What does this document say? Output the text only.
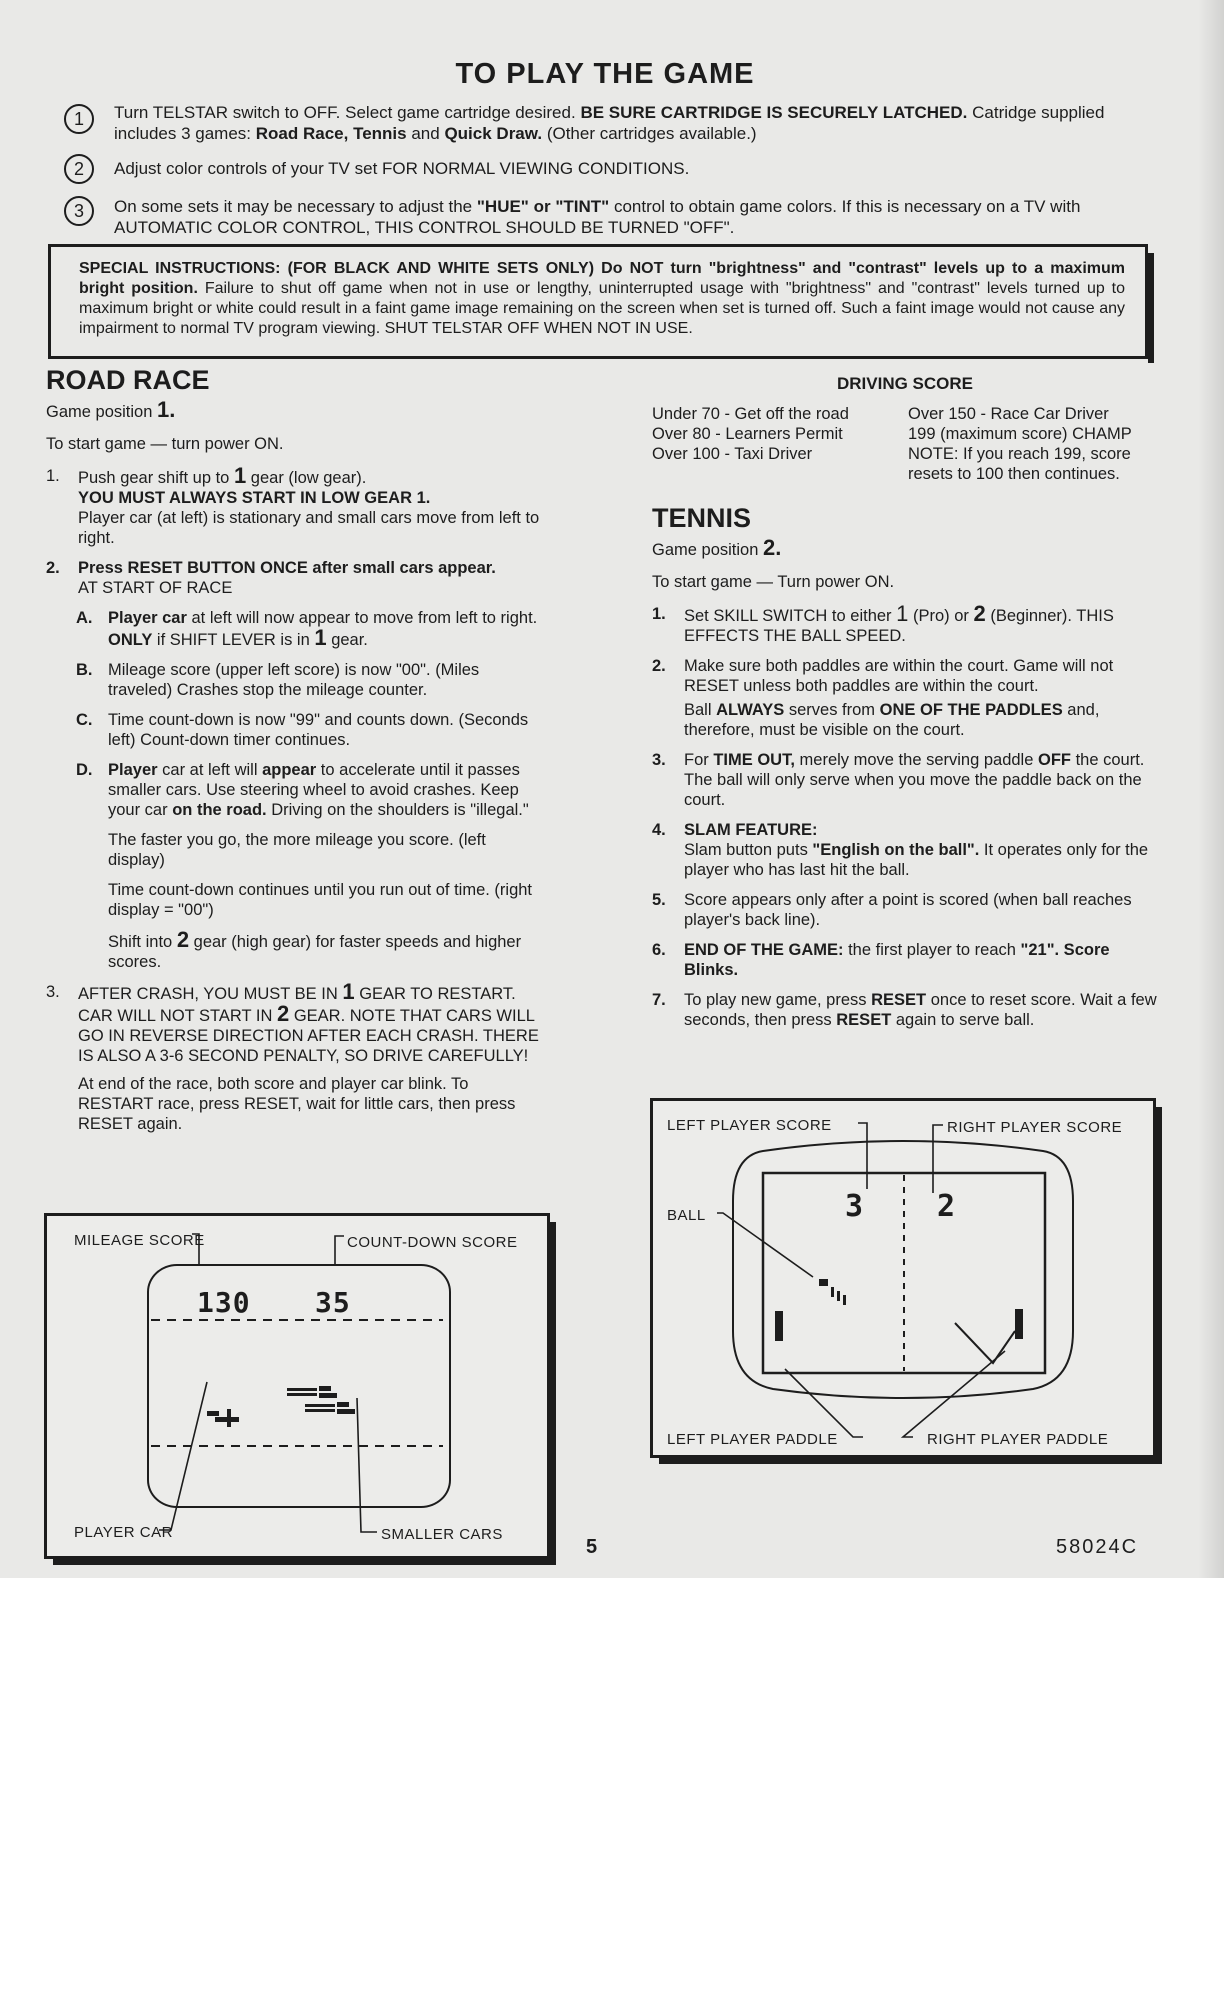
TO PLAY THE GAME
1	Turn TELSTAR switch to OFF. Select game cartridge desired. BE SURE CARTRIDGE IS SECURELY LATCHED. Catridge supplied includes 3 games: Road Race, Tennis and Quick Draw. (Other cartridges available.)
2	Adjust color controls of your TV set FOR NORMAL VIEWING CONDITIONS.
3	On some sets it may be necessary to adjust the "HUE" or "TINT" control to obtain game colors. If this is necessary on a TV with AUTOMATIC COLOR CONTROL, THIS CONTROL SHOULD BE TURNED "OFF".
SPECIAL INSTRUCTIONS: (FOR BLACK AND WHITE SETS ONLY) Do NOT turn "brightness" and "contrast" levels up to a maximum bright position. Failure to shut off game when not in use or lengthy, uninterrupted usage with "brightness" and "contrast" levels turned up to maximum bright or white could result in a faint game image remaining on the screen when set is turned off. Such a faint image would not cause any impairment to normal TV program viewing. SHUT TELSTAR OFF WHEN NOT IN USE.
ROAD RACE

Game position 1.

To start game — turn power ON.

1. Push gear shift up to 1 gear (low gear).
YOU MUST ALWAYS START IN LOW GEAR 1.
Player car (at left) is stationary and small cars move from left to right.
2. Press RESET BUTTON ONCE after small cars appear.
AT START OF RACE
A. Player car at left will now appear to move from left to right. ONLY if SHIFT LEVER is in 1 gear.
B. Mileage score (upper left score) is now "00". (Miles traveled) Crashes stop the mileage counter.
C. Time count-down is now "99" and counts down. (Seconds left) Count-down timer continues.
D. Player car at left will appear to accelerate until it passes smaller cars. Use steering wheel to avoid crashes. Keep your car on the road. Driving on the shoulders is "illegal."

The faster you go, the more mileage you score. (left display)

Time count-down continues until you run out of time. (right display = "00")

Shift into 2 gear (high gear) for faster speeds and higher scores.

3. AFTER CRASH, YOU MUST BE IN 1 GEAR TO RESTART. CAR WILL NOT START IN 2 GEAR. NOTE THAT CARS WILL GO IN REVERSE DIRECTION AFTER EACH CRASH. THERE IS ALSO A 3-6 SECOND PENALTY, SO DRIVE CAREFULLY!

At end of the race, both score and player car blink. To RESTART race, press RESET, wait for little cars, then press RESET again.

DRIVING SCORE
Under 70 - Get off the road
Over 80 - Learners Permit
Over 100 - Taxi Driver
Over 150 - Race Car Driver
199 (maximum score) CHAMP
NOTE: If you reach 199, score resets to 100 then continues.
TENNIS

Game position 2.

To start game — Turn power ON.

1. Set SKILL SWITCH to either 1 (Pro) or 2 (Beginner). THIS EFFECTS THE BALL SPEED.
2. Make sure both paddles are within the court. Game will not RESET unless both paddles are within the court.
Ball ALWAYS serves from ONE OF THE PADDLES and, therefore, must be visible on the court.
3. For TIME OUT, merely move the serving paddle OFF the court. The ball will only serve when you move the paddle back on the court.
4. SLAM FEATURE:
Slam button puts "English on the ball". It operates only for the player who has last hit the ball.
5. Score appears only after a point is scored (when ball reaches player's back line).
6. END OF THE GAME: the first player to reach "21". Score Blinks.
7. To play new game, press RESET once to reset score. Wait a few seconds, then press RESET again to serve ball.
MILEAGE SCORE	COUNT-DOWN SCORE
PLAYER CAR	SMALLER CARS
130 35
LEFT PLAYER SCORE	RIGHT PLAYER SCORE
BALL
LEFT PLAYER PADDLE	RIGHT PLAYER PADDLE
3 2
5	58024C
